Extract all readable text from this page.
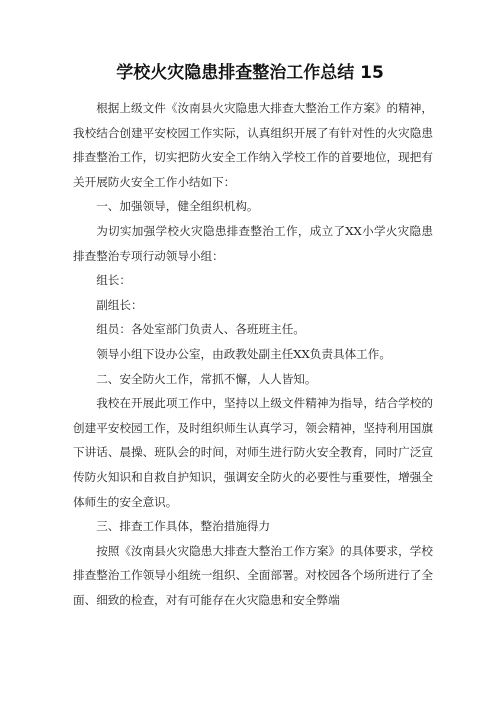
学校火灾隐患排查整治工作总结 15

根据上级文件《汝南县火灾隐患大排查大整治工作方案》的精神，我校结合创建平安校园工作实际，认真组织开展了有针对性的火灾隐患排查整治工作，切实把防火安全工作纳入学校工作的首要地位，现把有关开展防火安全工作小结如下：

一、加强领导，健全组织机构。

为切实加强学校火灾隐患排查整治工作，成立了XX小学火灾隐患排查整治专项行动领导小组：

组长：

副组长：

组员：各处室部门负责人、各班班主任。

领导小组下设办公室，由政教处副主任XX负责具体工作。

二、安全防火工作，常抓不懈，人人皆知。

我校在开展此项工作中，坚持以上级文件精神为指导，结合学校的创建平安校园工作，及时组织师生认真学习，领会精神，坚持利用国旗下讲话、晨操、班队会的时间，对师生进行防火安全教育，同时广泛宣传防火知识和自救自护知识，强调安全防火的必要性与重要性，增强全体师生的安全意识。

三、排查工作具体，整治措施得力

按照《汝南县火灾隐患大排查大整治工作方案》的具体要求，学校排查整治工作领导小组统一组织、全面部署。对校园各个场所进行了全面、细致的检查，对有可能存在火灾隐患和安全弊端
